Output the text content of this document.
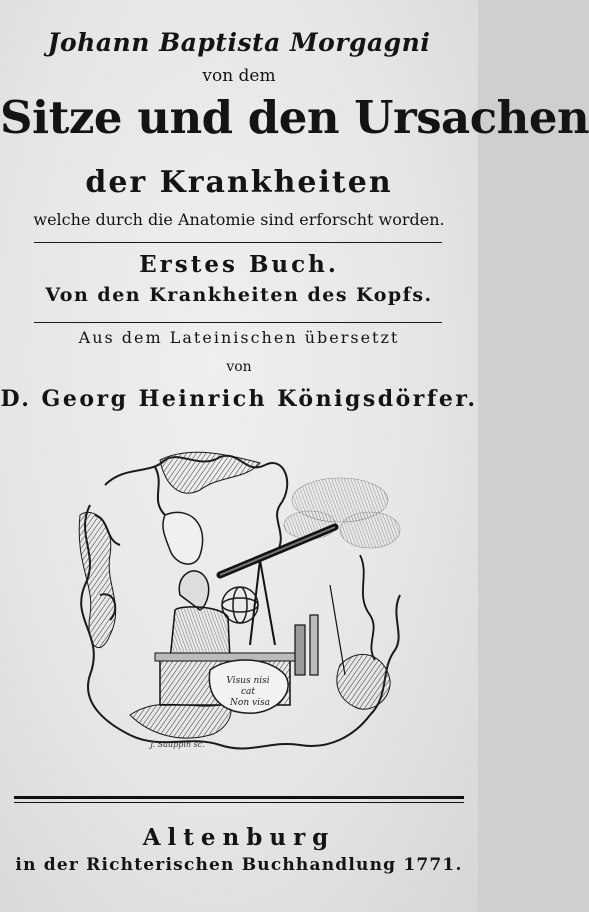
Johann Baptista Morgagni
von dem
Sitze und den Ursachen
der Krankheiten
welche durch die Anatomie sind erforscht worden.
Erstes Buch.
Von den Krankheiten des Kopfs.
Aus dem Lateinischen übersetzt
von
D. Georg Heinrich Königsdörfer.
Visus nisi
cat
Non visa
J. Sauppin sc.
Altenburg
in der Richterischen Buchhandlung 1771.
